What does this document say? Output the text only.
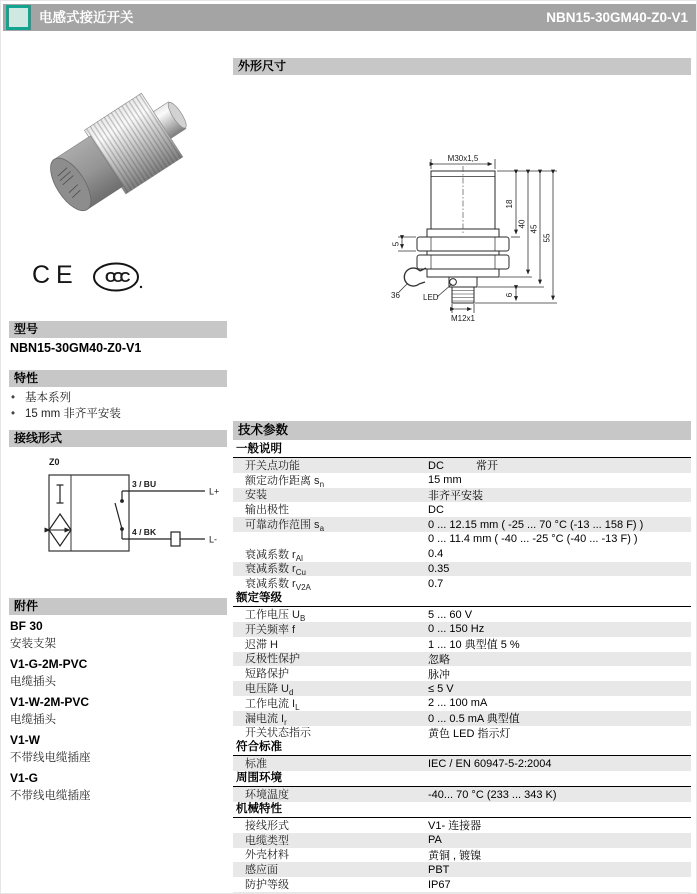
电感式接近开关	NBN15-30GM40-Z0-V1
CE CCC
型号
NBN15-30GM40-Z0-V1
特性
• 基本系列
• 15 mm 非齐平安装
接线形式
Z0
3 / BU
4 / BK
L+
L-
附件
BF 30
安装支架
V1-G-2M-PVC
电缆插头
V1-W-2M-PVC
电缆插头
V1-W
不带线电缆插座
V1-G
不带线电缆插座
外形尺寸
M30x1,5
18
40
45
55
5
6
36	LED
M12x1
技术参数
一般说明
开关点功能	DC	常开
额定动作距离 $s_n$	15 mm
安装	非齐平安装
输出极性	DC
可靠动作范围 $s_a$	0 ... 12.15 mm ( -25 ... 70 °C (-13 ... 158 F) )
0 ... 11.4 mm ( -40 ... -25 °C (-40 ... -13 F) )
衰减系数 $r_{Al}$	0.4
衰减系数 $r_{Cu}$	0.35
衰减系数 $r_{V2A}$	0.7
额定等级
工作电压 $U_B$	5 ... 60 V
开关频率 f	0 ... 150 Hz
迟滞 H	1 ... 10 典型值 5 %
反极性保护	忽略
短路保护	脉冲
电压降 $U_d$	≤ 5 V
工作电流 $I_L$	2 ... 100 mA
漏电流 $I_r$	0 ... 0.5 mA 典型值
开关状态指示	黄色 LED 指示灯
符合标准
标准	IEC / EN 60947-5-2:2004
周围环境
环境温度	-40... 70 °C (233 ... 343 K)
机械特性
接线形式	V1- 连接器
电缆类型	PA
外壳材料	黄铜 , 镀镍
感应面	PBT
防护等级	IP67
